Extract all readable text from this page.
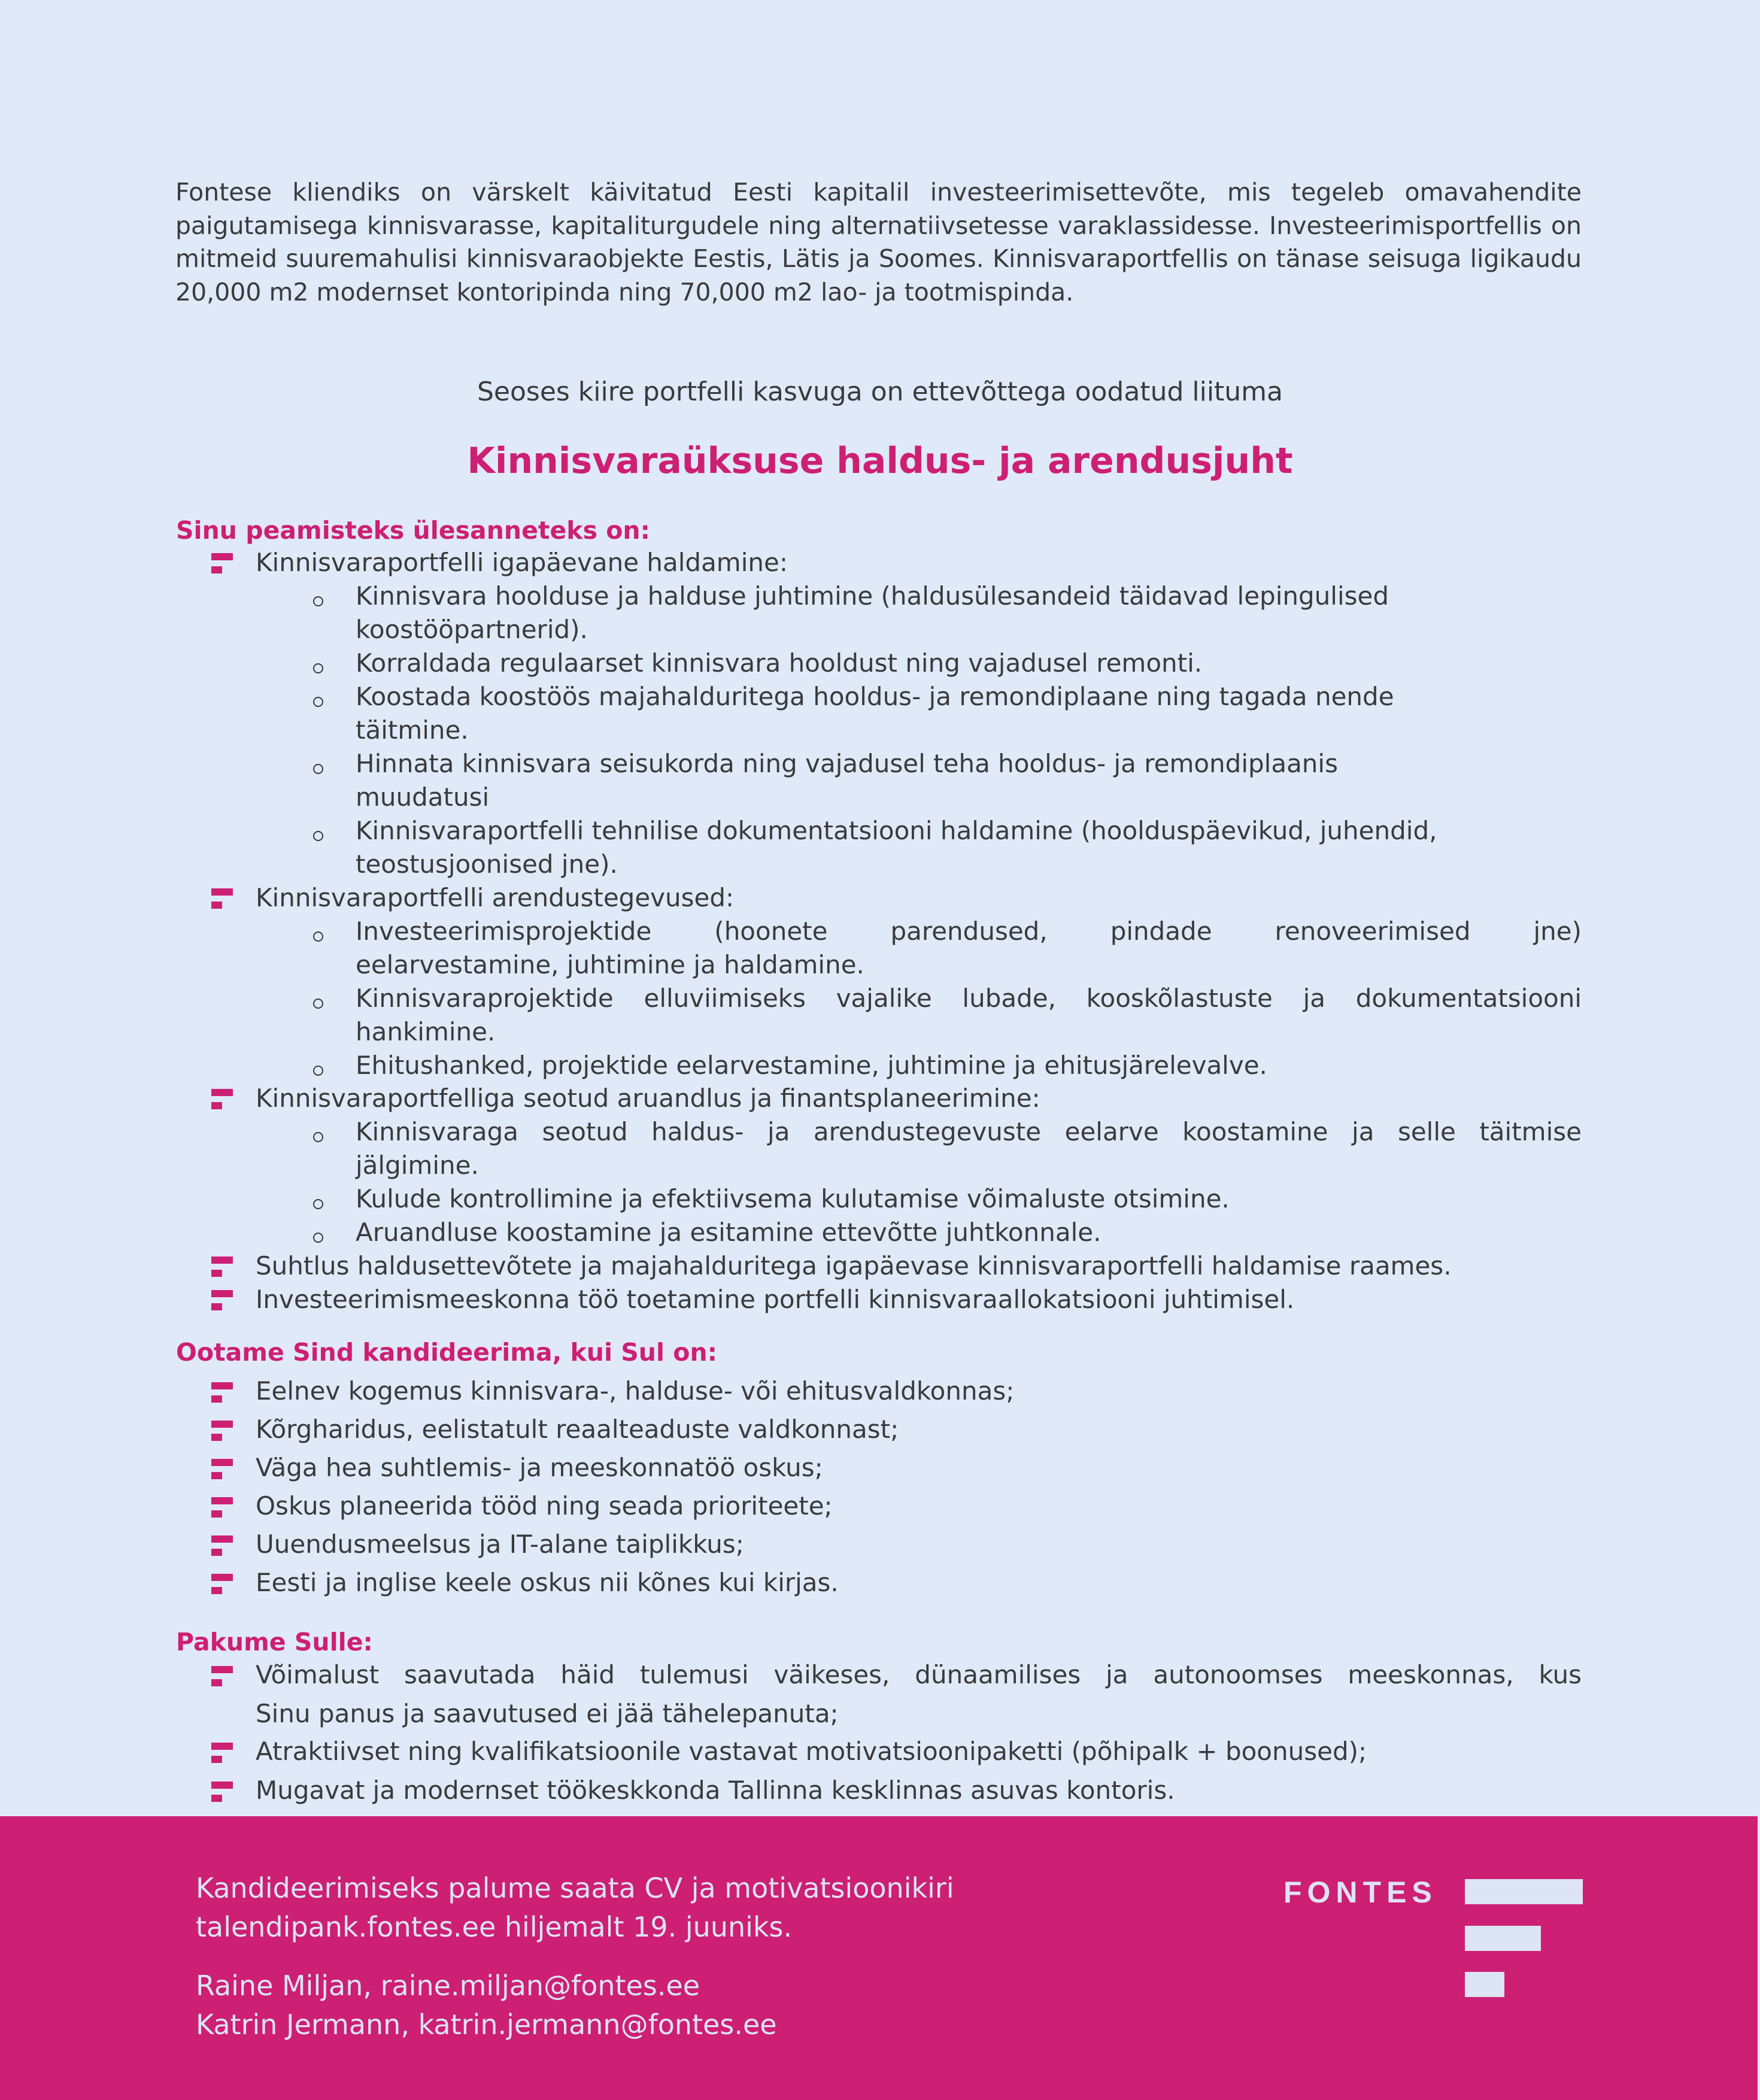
Fontese kliendiks on värskelt käivitatud Eesti kapitalil investeerimisettevõte, mis tegeleb omavahendite paigutamisega kinnisvarasse, kapitaliturgudele ning alternatiivsetesse varaklassidesse. Investeerimisportfellis on mitmeid suuremahulisi kinnisvaraobjekte Eestis, Lätis ja Soomes. Kinnisvaraportfellis on tänase seisuga ligikaudu 20,000 m2 modernset kontoripinda ning 70,000 m2 lao- ja tootmispinda.

Seoses kiire portfelli kasvuga on ettevõttega oodatud liituma

Kinnisvaraüksuse haldus- ja arendusjuht
Sinu peamisteks ülesanneteks on:

Kinnisvaraportfelli igapäevane haldamine:

Kinnisvara hoolduse ja halduse juhtimine (haldusülesandeid täidavad lepingulised

koostööpartnerid).

Korraldada regulaarset kinnisvara hooldust ning vajadusel remonti.

Koostada koostöös majahalduritega hooldus- ja remondiplaane ning tagada nende

täitmine.

Hinnata kinnisvara seisukorda ning vajadusel teha hooldus- ja remondiplaanis

muudatusi

Kinnisvaraportfelli tehnilise dokumentatsiooni haldamine (hoolduspäevikud, juhendid,

teostusjoonised jne).

Kinnisvaraportfelli arendustegevused:

Investeerimisprojektide (hoonete parendused, pindade renoveerimised jne)

eelarvestamine, juhtimine ja haldamine.

Kinnisvaraprojektide elluviimiseks vajalike lubade, kooskõlastuste ja dokumentatsiooni

hankimine.

Ehitushanked, projektide eelarvestamine, juhtimine ja ehitusjärelevalve.

Kinnisvaraportfelliga seotud aruandlus ja finantsplaneerimine:

Kinnisvaraga seotud haldus- ja arendustegevuste eelarve koostamine ja selle täitmise

jälgimine.

Kulude kontrollimine ja efektiivsema kulutamise võimaluste otsimine.

Aruandluse koostamine ja esitamine ettevõtte juhtkonnale.

Suhtlus haldusettevõtete ja majahalduritega igapäevase kinnisvaraportfelli haldamise raames.

Investeerimismeeskonna töö toetamine portfelli kinnisvaraallokatsiooni juhtimisel.

Ootame Sind kandideerima, kui Sul on:

Eelnev kogemus kinnisvara-, halduse- või ehitusvaldkonnas;

Kõrgharidus, eelistatult reaalteaduste valdkonnast;

Väga hea suhtlemis- ja meeskonnatöö oskus;

Oskus planeerida tööd ning seada prioriteete;

Uuendusmeelsus ja IT-alane taiplikkus;

Eesti ja inglise keele oskus nii kõnes kui kirjas.

Pakume Sulle:

Võimalust saavutada häid tulemusi väikeses, dünaamilises ja autonoomses meeskonnas, kus

Sinu panus ja saavutused ei jää tähelepanuta;

Atraktiivset ning kvalifikatsioonile vastavat motivatsioonipaketti (põhipalk + boonused);

Mugavat ja modernset töökeskkonda Tallinna kesklinnas asuvas kontoris.

Kandideerimiseks palume saata CV ja motivatsioonikiri

talendipank.fontes.ee hiljemalt 19. juuniks.

Raine Miljan, raine.miljan@fontes.ee

Katrin Jermann, katrin.jermann@fontes.ee

FONTES
